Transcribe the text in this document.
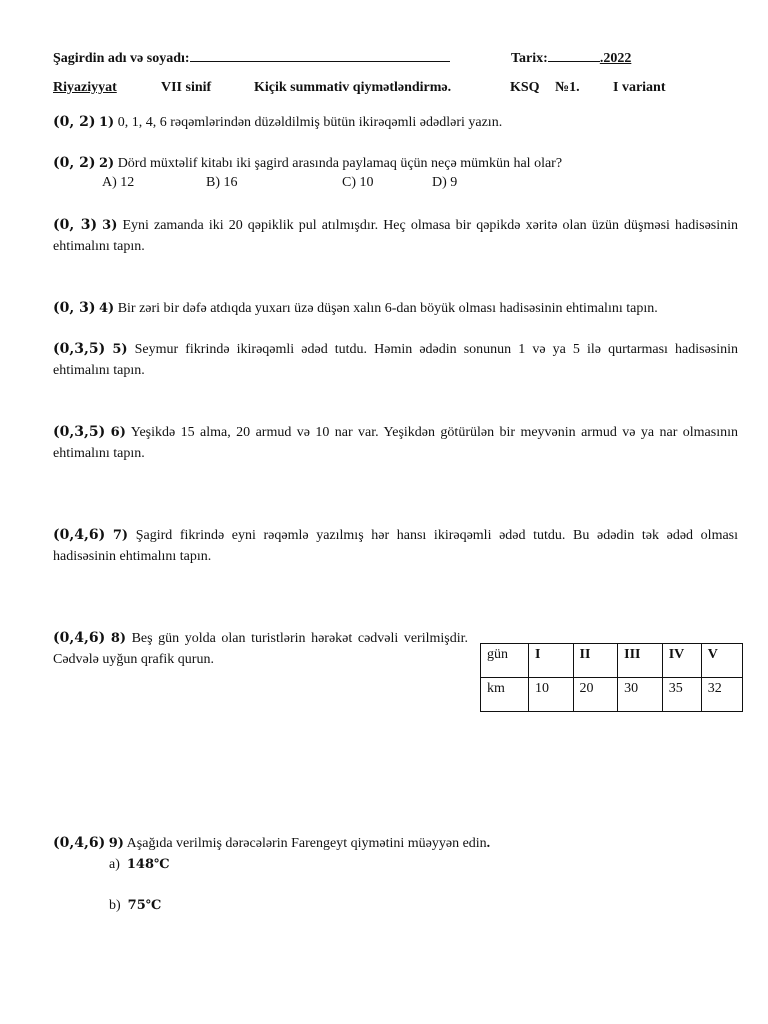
Şagirdin adı və soyadı:	Tarix:	.2022
Riyaziyyat	VII sinif	Kiçik summativ qiymətləndirmə.	KSQ №1. I variant
(0, 2) 1) 0, 1, 4, 6 rəqəmlərindən düzəldilmiş bütün ikirəqəmli ədədləri yazın.
(0, 2) 2) Dörd müxtəlif kitabı iki şagird arasında paylamaq üçün neçə mümkün hal olar?
A) 12	B) 16	C) 10	D) 9
(0, 3) 3) Eyni zamanda iki 20 qəpiklik pul atılmışdır. Heç olmasa bir qəpikdə xəritə olan üzün düşməsi hadisəsinin ehtimalını tapın.
(0, 3) 4) Bir zəri bir dəfə atdıqda yuxarı üzə düşən xalın 6-dan böyük olması hadisəsinin ehtimalını tapın.
(0,3,5) 5) Seymur fikrində ikirəqəmli ədəd tutdu. Həmin ədədin sonunun 1 və ya 5 ilə qurtarması hadisəsinin ehtimalını tapın.
(0,3,5) 6) Yeşikdə 15 alma, 20 armud və 10 nar var. Yeşikdən götürülən bir meyvənin armud və ya nar olmasının ehtimalını tapın.
(0,4,6) 7) Şagird fikrində eyni rəqəmlə yazılmış hər hansı ikirəqəmli ədəd tutdu. Bu ədədin tək ədəd olması hadisəsinin ehtimalını tapın.
(0,4,6) 8) Beş gün yolda olan turistlərin hərəkət cədvəli verilmişdir. Cədvələ uyğun qrafik qurun.	gün	I	II	III	IV	V
km	10	20	30	35	32
(0,4,6) 9) Aşağıda verilmiş dərəcələrin Farengeyt qiymətini müəyyən edin.
a) 148℃
b) 75℃
